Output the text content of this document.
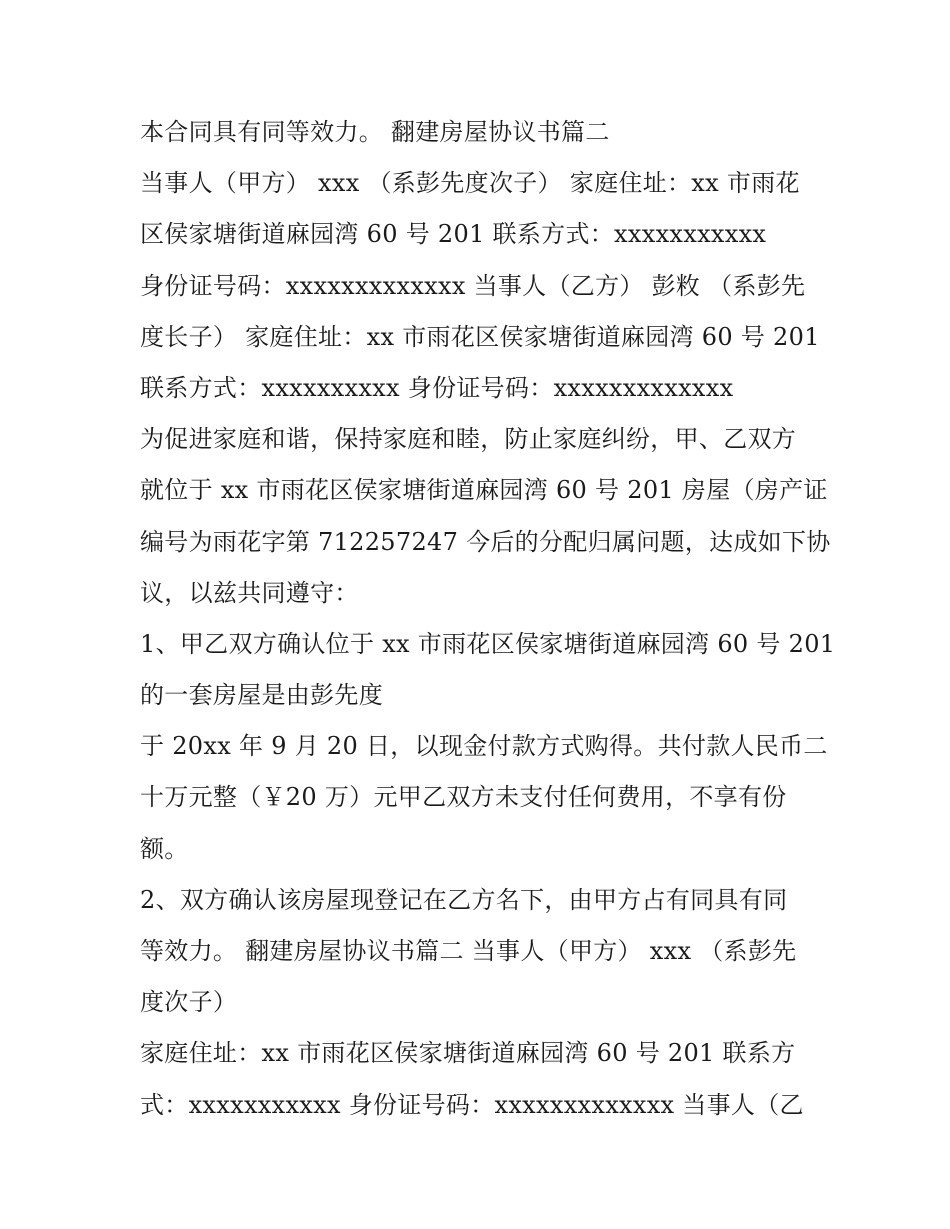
本合同具有同等效力。 翻建房屋协议书篇二
当事人（甲方） xxx （系彭先度次子） 家庭住址：xx 市雨花
区侯家塘街道麻园湾 60 号 201 联系方式：xxxxxxxxxxx
身份证号码：xxxxxxxxxxxxx 当事人（乙方） 彭敉 （系彭先
度长子） 家庭住址：xx 市雨花区侯家塘街道麻园湾 60 号 201
联系方式：xxxxxxxxxx 身份证号码：xxxxxxxxxxxxx
为促进家庭和谐，保持家庭和睦，防止家庭纠纷，甲、乙双方
就位于 xx 市雨花区侯家塘街道麻园湾 60 号 201 房屋（房产证
编号为雨花字第 712257247 今后的分配归属问题，达成如下协
议，以兹共同遵守：
1、甲乙双方确认位于 xx 市雨花区侯家塘街道麻园湾 60 号 201
的一套房屋是由彭先度
于 20xx 年 9 月 20 日，以现金付款方式购得。共付款人民币二
十万元整（￥20 万）元甲乙双方未支付任何费用，不享有份
额。
2、双方确认该房屋现登记在乙方名下，由甲方占有同具有同
等效力。 翻建房屋协议书篇二 当事人（甲方） xxx （系彭先
度次子）
家庭住址：xx 市雨花区侯家塘街道麻园湾 60 号 201 联系方
式：xxxxxxxxxxx 身份证号码：xxxxxxxxxxxxx 当事人（乙
